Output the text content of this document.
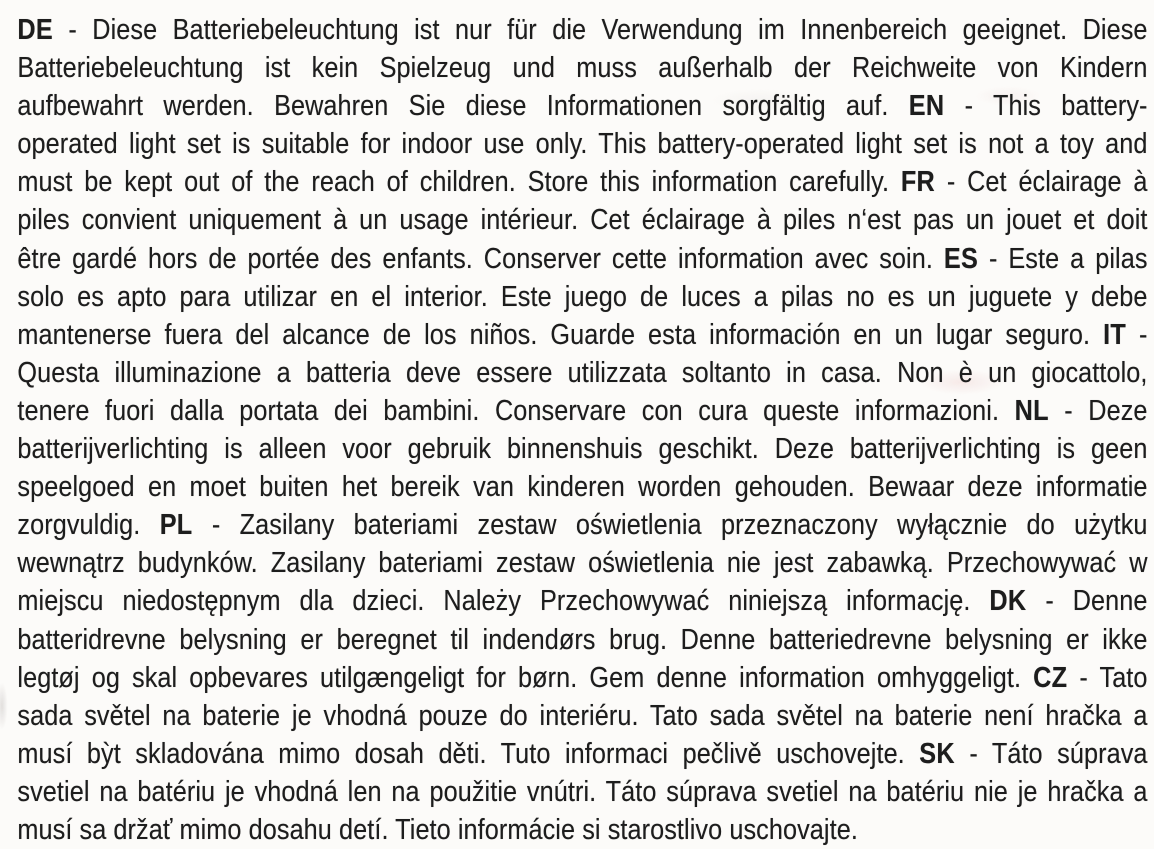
DE - Diese Batteriebeleuchtung ist nur für die Verwendung im Innenbereich geeignet. Diese
Batteriebeleuchtung ist kein Spielzeug und muss außerhalb der Reichweite von Kindern
aufbewahrt werden. Bewahren Sie diese Informationen sorgfältig auf. EN - This battery-
operated light set is suitable for indoor use only. This battery-operated light set is not a toy and
must be kept out of the reach of children. Store this information carefully. FR - Cet éclairage à
piles convient uniquement à un usage intérieur. Cet éclairage à piles n‘est pas un jouet et doit
être gardé hors de portée des enfants. Conserver cette information avec soin. ES - Este a pilas
solo es apto para utilizar en el interior. Este juego de luces a pilas no es un juguete y debe
mantenerse fuera del alcance de los niños. Guarde esta información en un lugar seguro. IT -
Questa illuminazione a batteria deve essere utilizzata soltanto in casa. Non è un giocattolo,
tenere fuori dalla portata dei bambini. Conservare con cura queste informazioni. NL - Deze
batterijverlichting is alleen voor gebruik binnenshuis geschikt. Deze batterijverlichting is geen
speelgoed en moet buiten het bereik van kinderen worden gehouden. Bewaar deze informatie
zorgvuldig. PL - Zasilany bateriami zestaw oświetlenia przeznaczony wyłącznie do użytku
wewnątrz budynków. Zasilany bateriami zestaw oświetlenia nie jest zabawką. Przechowywać w
miejscu niedostępnym dla dzieci. Należy Przechowywać niniejszą informację. DK - Denne
batteridrevne belysning er beregnet til indendørs brug. Denne batteriedrevne belysning er ikke
legtøj og skal opbevares utilgængeligt for børn. Gem denne information omhyggeligt. CZ - Tato
sada světel na baterie je vhodná pouze do interiéru. Tato sada světel na baterie není hračka a
musí bỳt skladována mimo dosah děti. Tuto informaci pečlivě uschovejte. SK - Táto súprava
svetiel na batériu je vhodná len na použitie vnútri. Táto súprava svetiel na batériu nie je hračka a
musí sa držať mimo dosahu detí. Tieto informácie si starostlivo uschovajte.
